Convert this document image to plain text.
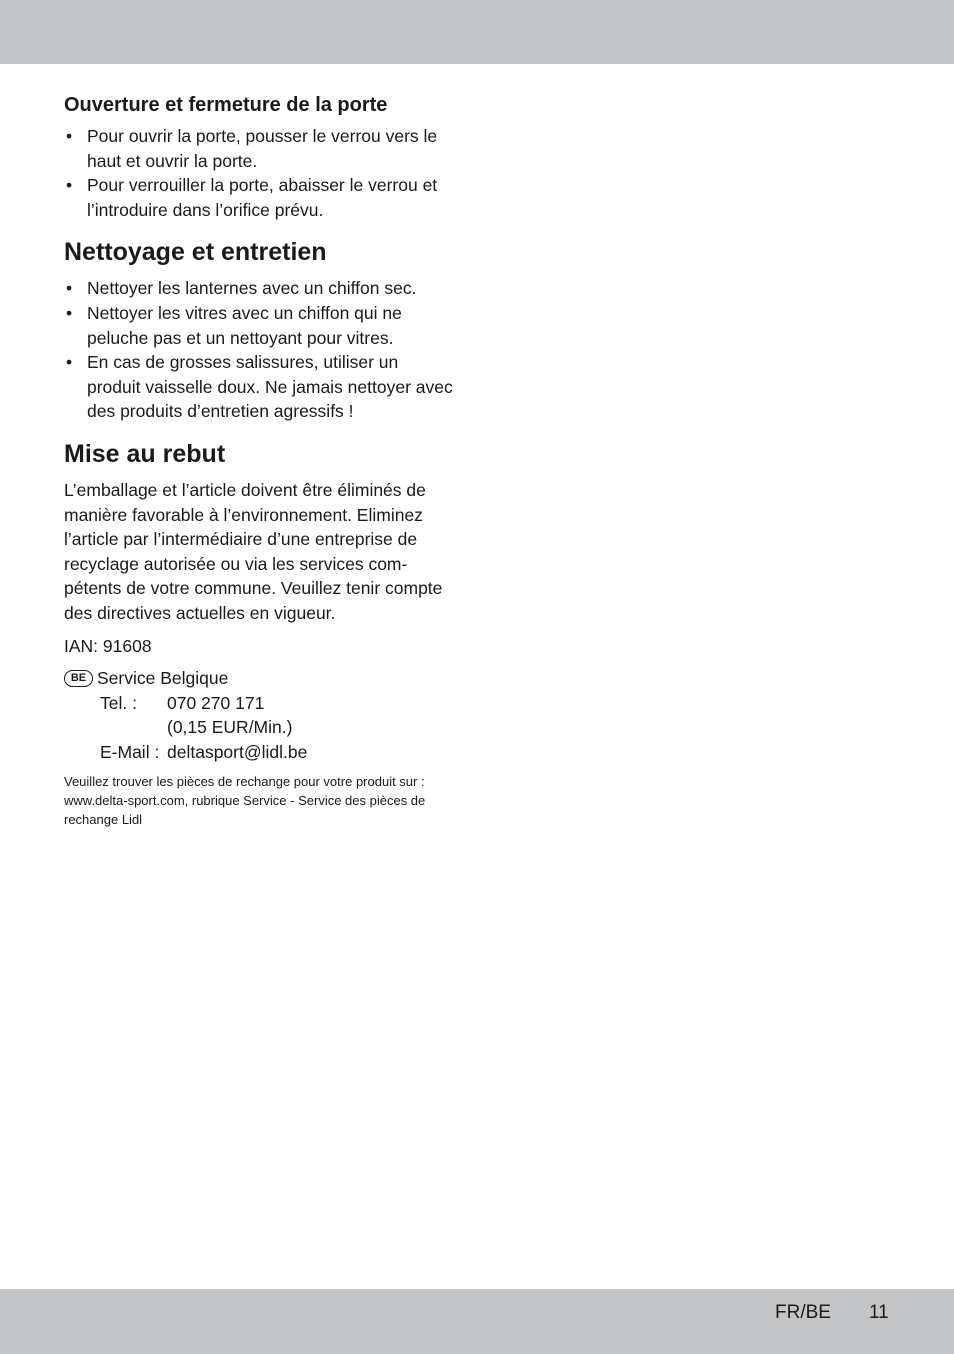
Ouverture et fermeture de la porte
• Pour ouvrir la porte, pousser le verrou vers le haut et ouvrir la porte.
• Pour verrouiller la porte, abaisser le verrou et l’introduire dans l’orifice prévu.
Nettoyage et entretien
• Nettoyer les lanternes avec un chiffon sec.
• Nettoyer les vitres avec un chiffon qui ne peluche pas et un nettoyant pour vitres.
• En cas de grosses salissures, utiliser un produit vaisselle doux. Ne jamais nettoyer avec des produits d’entretien agressifs !
Mise au rebut

L’emballage et l’article doivent être éliminés de manière favorable à l’environnement. Eliminez l’article par l’intermédiaire d’une entreprise de recyclage autorisée ou via les services com-pétents de votre commune. Veuillez tenir compte des directives actuelles en vigueur.

IAN: 91608

BE Service Belgique
Tel. :	070 270 171
(0,15 EUR/Min.)
E-Mail : deltasport@lidl.be
Veuillez trouver les pièces de rechange pour votre produit sur : www.delta-sport.com, rubrique Service - Service des pièces de rechange Lidl
FR/BE 11
